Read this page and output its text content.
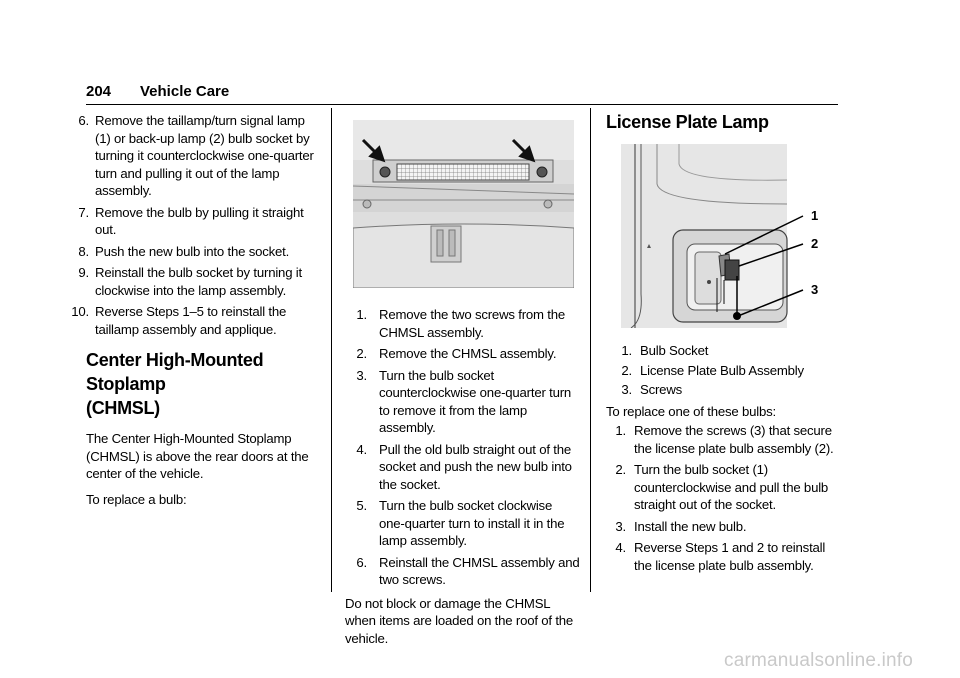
204 Vehicle Care
6. Remove the taillamp/turn signal lamp (1) or back-up lamp (2) bulb socket by turning it counterclockwise one-quarter turn and pulling it out of the lamp assembly.
7. Remove the bulb by pulling it straight out.
8. Push the new bulb into the socket.
9. Reinstall the bulb socket by turning it clockwise into the lamp assembly.
10. Reverse Steps 1–5 to reinstall the taillamp assembly and applique.
Center High-Mounted Stoplamp
(CHMSL)

The Center High-Mounted Stoplamp (CHMSL) is above the rear doors at the center of the vehicle.

To replace a bulb:

1. Remove the two screws from the CHMSL assembly.
2. Remove the CHMSL assembly.
3. Turn the bulb socket counterclockwise one-quarter turn to remove it from the lamp assembly.
4. Pull the old bulb straight out of the socket and push the new bulb into the socket.
5. Turn the bulb socket clockwise one-quarter turn to install it in the lamp assembly.
6. Reinstall the CHMSL assembly and two screws.

Do not block or damage the CHMSL when items are loaded on the roof of the vehicle.

License Plate Lamp
1
2
3
1. Bulb Socket
2. License Plate Bulb Assembly
3. Screws

To replace one of these bulbs:

1. Remove the screws (3) that secure the license plate bulb assembly (2).
2. Turn the bulb socket (1) counterclockwise and pull the bulb straight out of the socket.
3. Install the new bulb.
4. Reverse Steps 1 and 2 to reinstall the license plate bulb assembly.
carmanualsonline.info
